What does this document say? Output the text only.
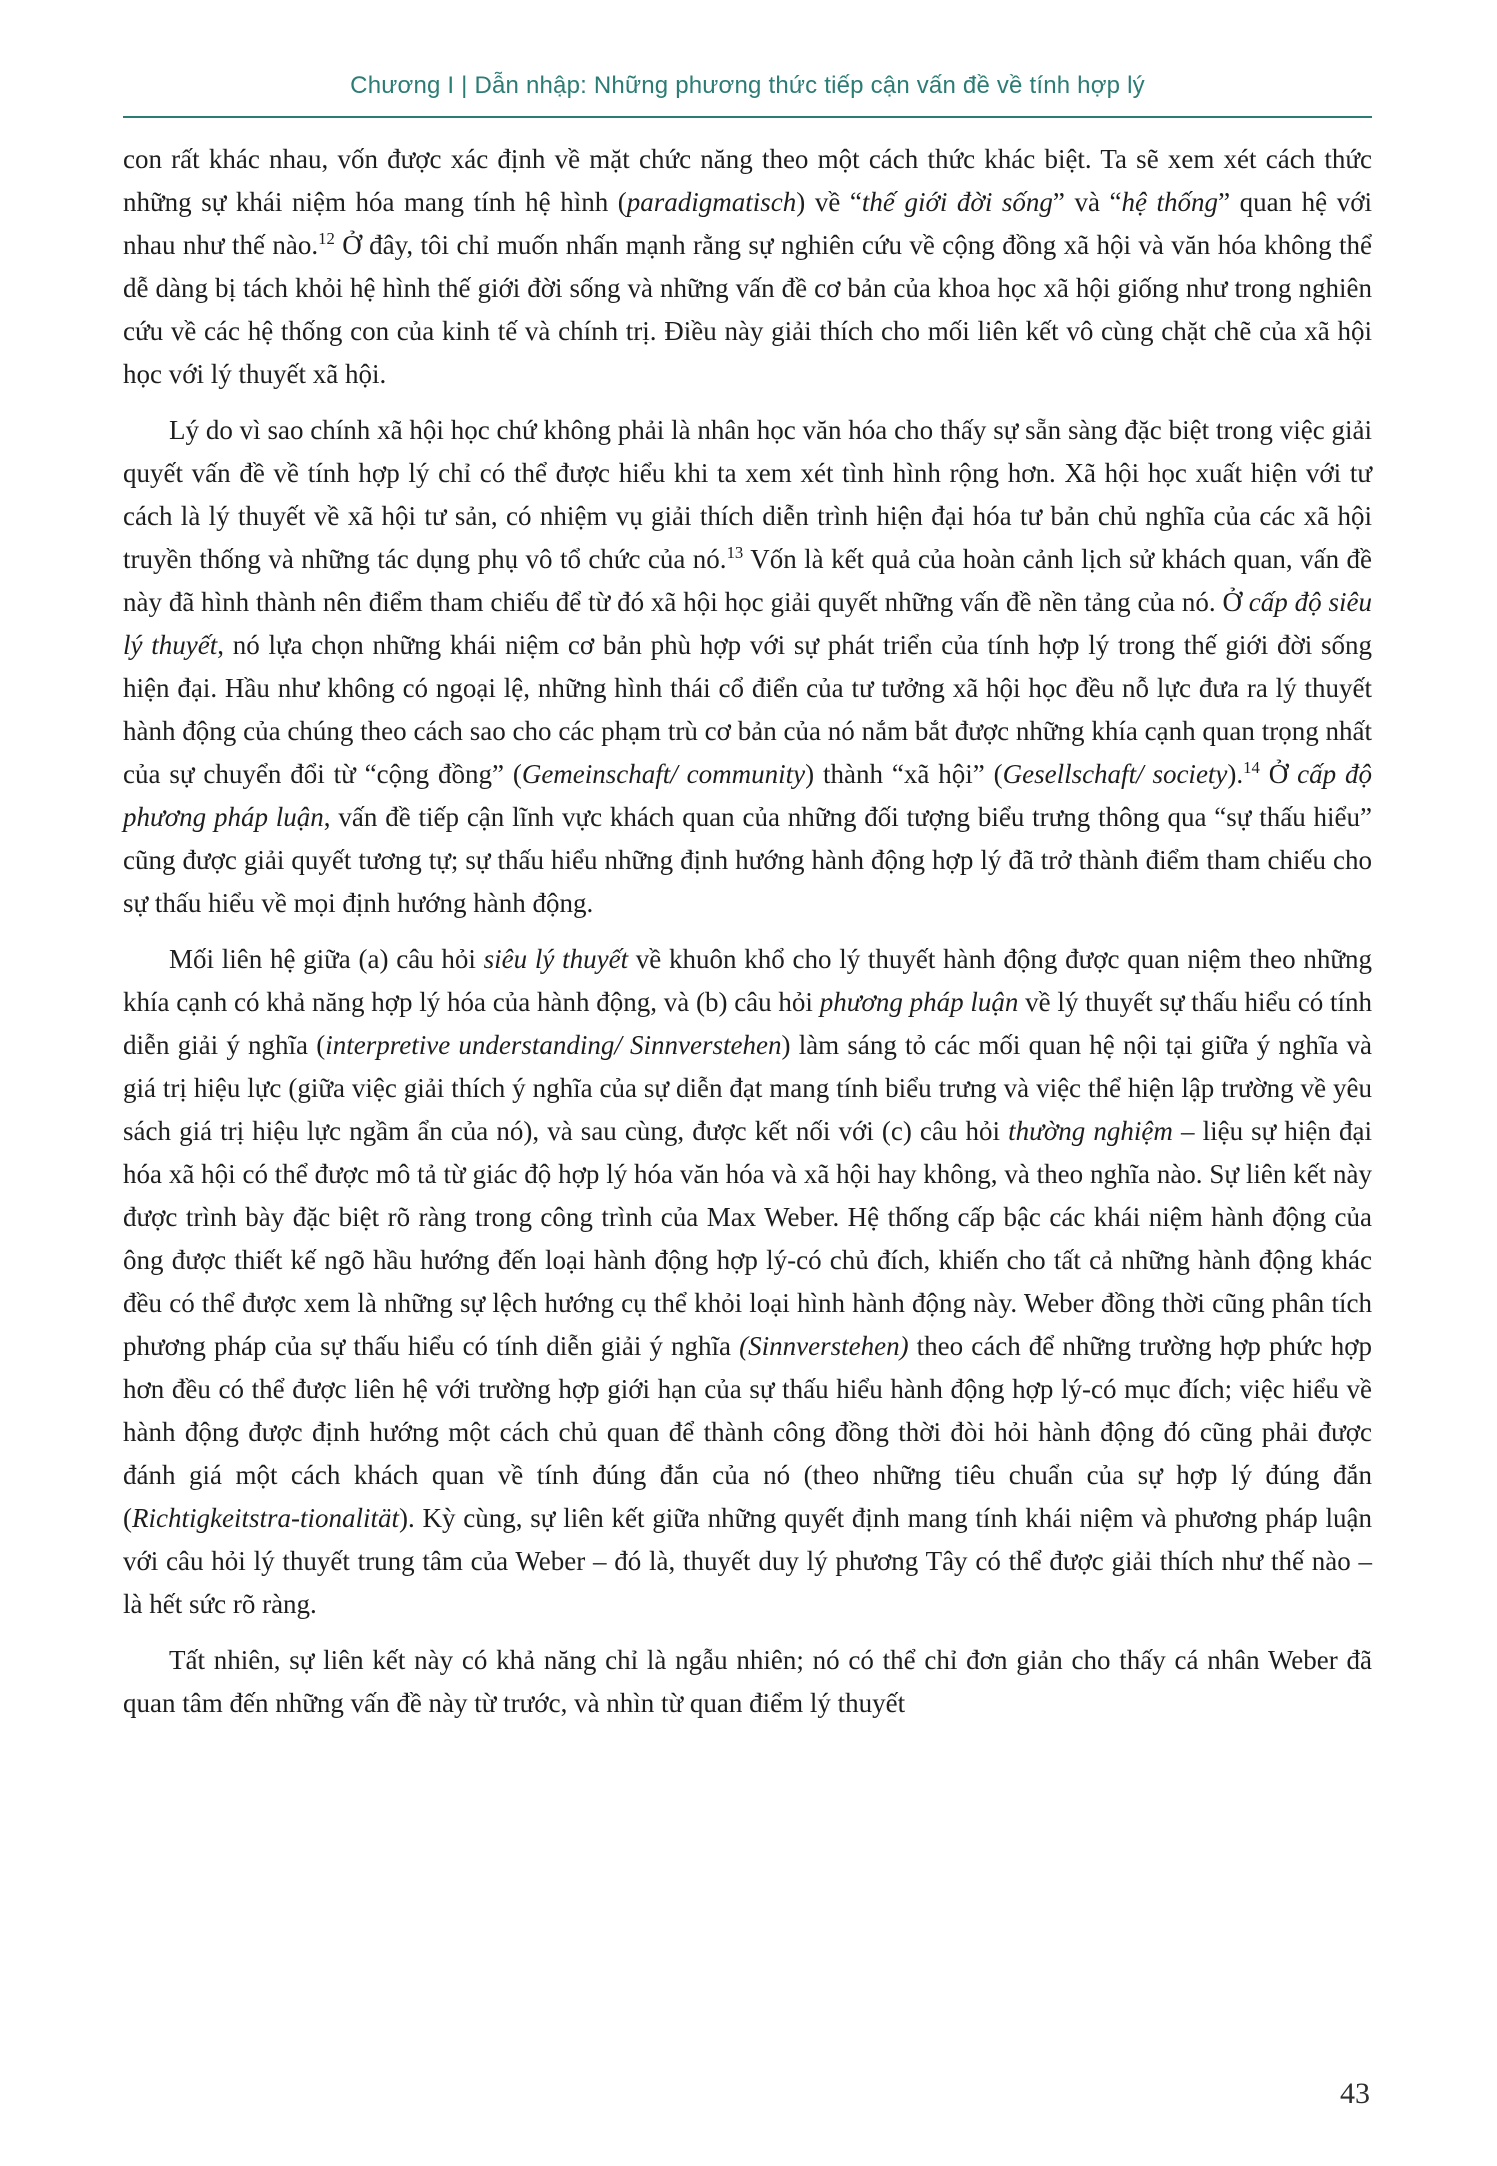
Chương I | Dẫn nhập: Những phương thức tiếp cận vấn đề về tính hợp lý

con rất khác nhau, vốn được xác định về mặt chức năng theo một cách thức khác biệt. Ta sẽ xem xét cách thức những sự khái niệm hóa mang tính hệ hình (paradigmatisch) về “thế giới đời sống” và “hệ thống” quan hệ với nhau như thế nào.$^{12}$ Ở đây, tôi chỉ muốn nhấn mạnh rằng sự nghiên cứu về cộng đồng xã hội và văn hóa không thể dễ dàng bị tách khỏi hệ hình thế giới đời sống và những vấn đề cơ bản của khoa học xã hội giống như trong nghiên cứu về các hệ thống con của kinh tế và chính trị. Điều này giải thích cho mối liên kết vô cùng chặt chẽ của xã hội học với lý thuyết xã hội.

Lý do vì sao chính xã hội học chứ không phải là nhân học văn hóa cho thấy sự sẵn sàng đặc biệt trong việc giải quyết vấn đề về tính hợp lý chỉ có thể được hiểu khi ta xem xét tình hình rộng hơn. Xã hội học xuất hiện với tư cách là lý thuyết về xã hội tư sản, có nhiệm vụ giải thích diễn trình hiện đại hóa tư bản chủ nghĩa của các xã hội truyền thống và những tác dụng phụ vô tổ chức của nó.$^{13}$ Vốn là kết quả của hoàn cảnh lịch sử khách quan, vấn đề này đã hình thành nên điểm tham chiếu để từ đó xã hội học giải quyết những vấn đề nền tảng của nó. Ở cấp độ siêu lý thuyết, nó lựa chọn những khái niệm cơ bản phù hợp với sự phát triển của tính hợp lý trong thế giới đời sống hiện đại. Hầu như không có ngoại lệ, những hình thái cổ điển của tư tưởng xã hội học đều nỗ lực đưa ra lý thuyết hành động của chúng theo cách sao cho các phạm trù cơ bản của nó nắm bắt được những khía cạnh quan trọng nhất của sự chuyển đổi từ “cộng đồng” (Gemeinschaft/ community) thành “xã hội” (Gesellschaft/ society).$^{14}$ Ở cấp độ phương pháp luận, vấn đề tiếp cận lĩnh vực khách quan của những đối tượng biểu trưng thông qua “sự thấu hiểu” cũng được giải quyết tương tự; sự thấu hiểu những định hướng hành động hợp lý đã trở thành điểm tham chiếu cho sự thấu hiểu về mọi định hướng hành động.

Mối liên hệ giữa (a) câu hỏi siêu lý thuyết về khuôn khổ cho lý thuyết hành động được quan niệm theo những khía cạnh có khả năng hợp lý hóa của hành động, và (b) câu hỏi phương pháp luận về lý thuyết sự thấu hiểu có tính diễn giải ý nghĩa (interpretive understanding/ Sinnverstehen) làm sáng tỏ các mối quan hệ nội tại giữa ý nghĩa và giá trị hiệu lực (giữa việc giải thích ý nghĩa của sự diễn đạt mang tính biểu trưng và việc thể hiện lập trường về yêu sách giá trị hiệu lực ngầm ẩn của nó), và sau cùng, được kết nối với (c) câu hỏi thường nghiệm – liệu sự hiện đại hóa xã hội có thể được mô tả từ giác độ hợp lý hóa văn hóa và xã hội hay không, và theo nghĩa nào. Sự liên kết này được trình bày đặc biệt rõ ràng trong công trình của Max Weber. Hệ thống cấp bậc các khái niệm hành động của ông được thiết kế ngõ hầu hướng đến loại hành động hợp lý-có chủ đích, khiến cho tất cả những hành động khác đều có thể được xem là những sự lệch hướng cụ thể khỏi loại hình hành động này. Weber đồng thời cũng phân tích phương pháp của sự thấu hiểu có tính diễn giải ý nghĩa (Sinnverstehen) theo cách để những trường hợp phức hợp hơn đều có thể được liên hệ với trường hợp giới hạn của sự thấu hiểu hành động hợp lý-có mục đích; việc hiểu về hành động được định hướng một cách chủ quan để thành công đồng thời đòi hỏi hành động đó cũng phải được đánh giá một cách khách quan về tính đúng đắn của nó (theo những tiêu chuẩn của sự hợp lý đúng đắn (Richtigkeitstra-tionalität). Kỳ cùng, sự liên kết giữa những quyết định mang tính khái niệm và phương pháp luận với câu hỏi lý thuyết trung tâm của Weber – đó là, thuyết duy lý phương Tây có thể được giải thích như thế nào – là hết sức rõ ràng.

Tất nhiên, sự liên kết này có khả năng chỉ là ngẫu nhiên; nó có thể chỉ đơn giản cho thấy cá nhân Weber đã quan tâm đến những vấn đề này từ trước, và nhìn từ quan điểm lý thuyết

43
